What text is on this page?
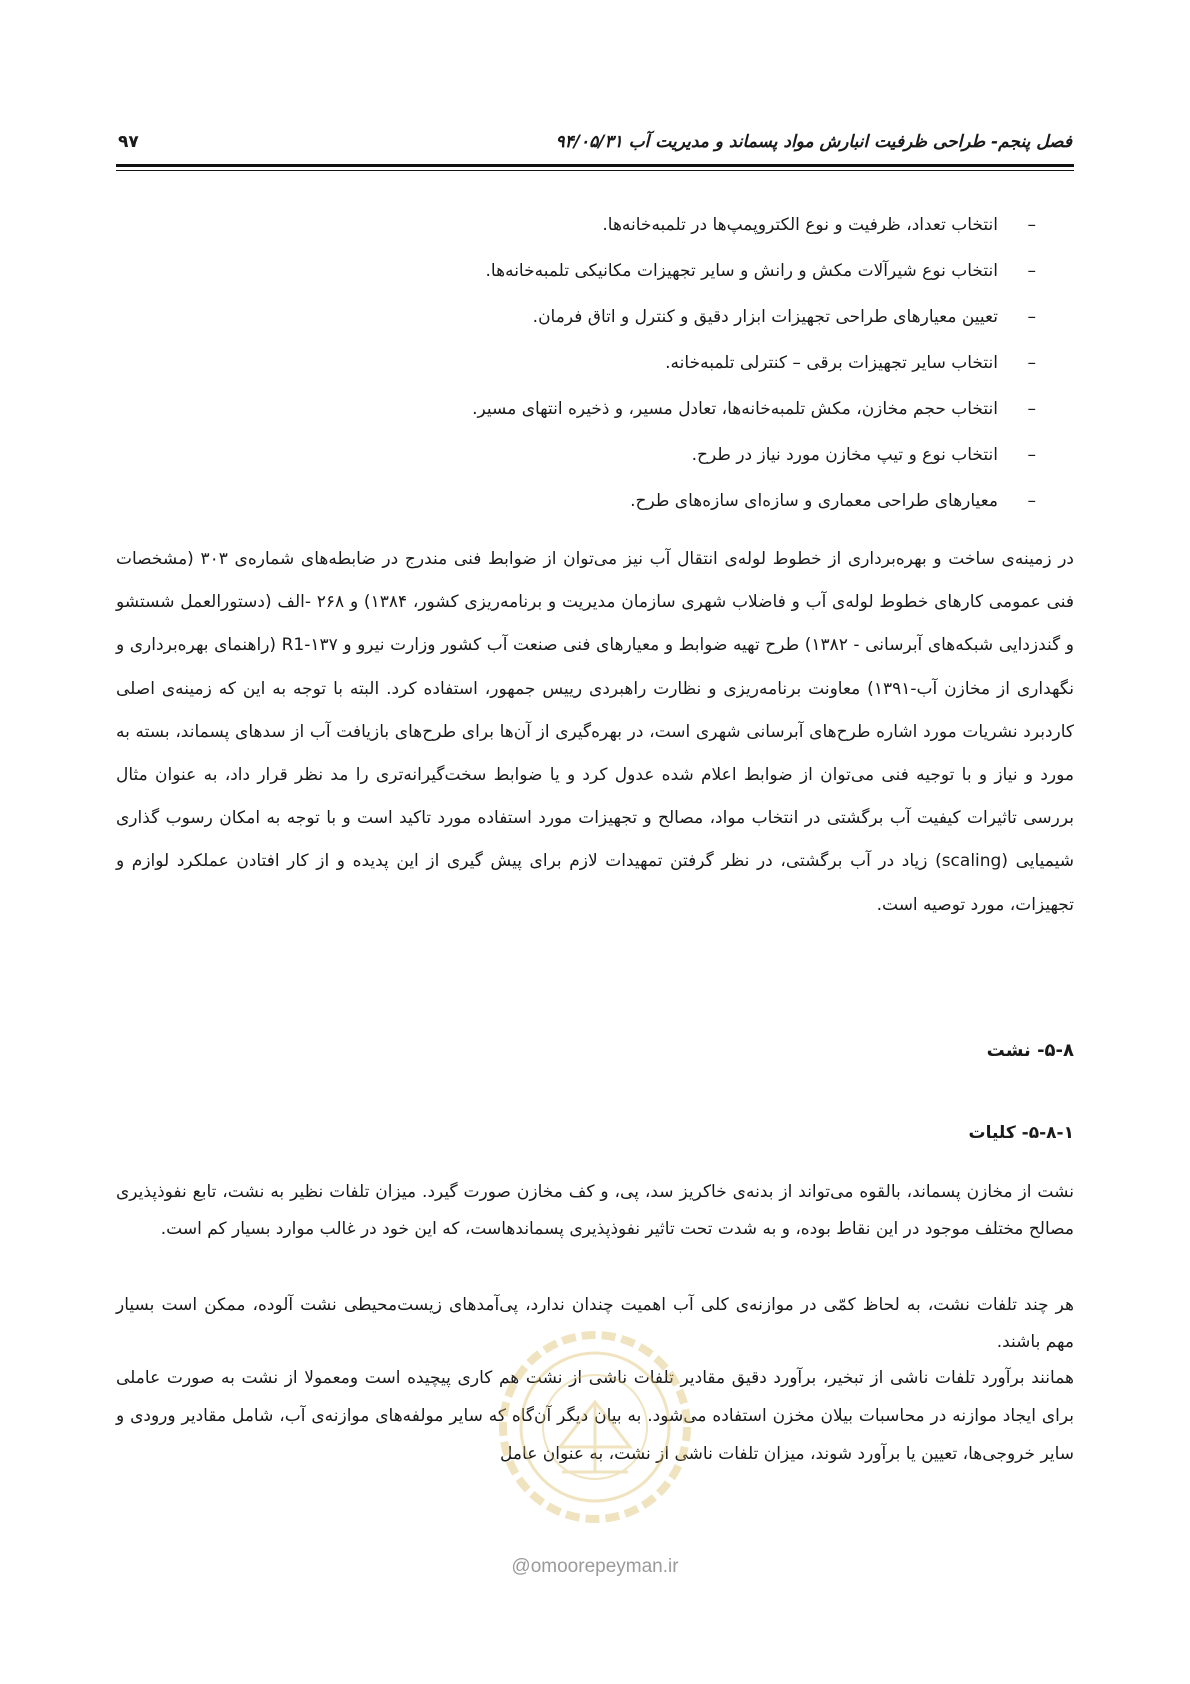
فصل پنجم- طراحی ظرفیت انبارش مواد پسماند و مدیریت آب ۹۴/۰۵/۳۱
۹۷
–انتخاب تعداد، ظرفیت و نوع الکتروپمپ‌ها در تلمبه‌خانه‌ها.
–انتخاب نوع شیرآلات مکش و رانش و سایر تجهیزات مکانیکی تلمبه‌خانه‌ها.
–تعیین معیارهای طراحی تجهیزات ابزار دقیق و کنترل و اتاق فرمان.
–انتخاب سایر تجهیزات برقی – کنترلی تلمبه‌خانه.
–انتخاب حجم مخازن، مکش تلمبه‌خانه‌ها، تعادل مسیر، و ذخیره انتهای مسیر.
–انتخاب نوع و تیپ مخازن مورد نیاز در طرح.
–معیارهای طراحی معماری و سازه‌ای سازه‌های طرح.

در زمینه‌ی ساخت و بهره‌برداری از خطوط لوله‌ی انتقال آب نیز می‌توان از ضوابط فنی مندرج در ضابطه‌های شماره‌ی ۳۰۳ (مشخصات فنی عمومی کارهای خطوط لوله‌ی آب و فاضلاب شهری سازمان مدیریت و برنامه‌ریزی کشور، ۱۳۸۴) و ۲۶۸ -الف (دستورالعمل شستشو و گندزدایی شبکه‌های آبرسانی - ۱۳۸۲) طرح تهیه ضوابط و معیارهای فنی صنعت آب کشور وزارت نیرو و ۱۳۷-R1 (راهنمای بهره‌برداری و نگهداری از مخازن آب-۱۳۹۱) معاونت برنامه‌ریزی و نظارت راهبردی رییس جمهور، استفاده کرد. البته با توجه به این که زمینه‌ی اصلی کاردبرد نشریات مورد اشاره طرح‌های آبرسانی شهری است، در بهره‌گیری از آن‌ها برای طرح‌های بازیافت آب از سدهای پسماند، بسته به مورد و نیاز و با توجیه فنی می‌توان از ضوابط اعلام شده عدول کرد و یا ضوابط سخت‌گیرانه‌تری را مد نظر قرار داد، به عنوان مثال بررسی تاثیرات کیفیت آب برگشتی در انتخاب مواد، مصالح و تجهیزات مورد استفاده مورد تاکید است و با توجه به امکان رسوب گذاری شیمیایی (scaling) زیاد در آب برگشتی، در نظر گرفتن تمهیدات لازم برای پیش گیری از این پدیده و از کار افتادن عملکرد لوازم و تجهیزات، مورد توصیه است.

۵-۸- نشت
۵-۸-۱- کلیات

نشت از مخازن پسماند، بالقوه می‌تواند از بدنه‌ی خاکریز سد، پی، و کف مخازن صورت گیرد. میزان تلفات نظیر به نشت، تابع نفوذپذیری مصالح مختلف موجود در این نقاط بوده، و به شدت تحت تاثیر نفوذپذیری پسماندهاست، که این خود در غالب موارد بسیار کم است.

هر چند تلفات نشت، به لحاظ کمّی در موازنه‌ی کلی آب اهمیت چندان ندارد، پی‌آمدهای زیست‌محیطی نشت آلوده، ممکن است بسیار مهم باشند.

همانند برآورد تلفات ناشی از تبخیر، برآورد دقیق مقادیر تلفات ناشی از نشت هم کاری پیچیده است ومعمولا از نشت به صورت عاملی برای ایجاد موازنه در محاسبات بیلان مخزن استفاده می‌شود. به بیان دیگر آن‌گاه که سایر مولفه‌های موازنه‌ی آب، شامل مقادیر ورودی و سایر خروجی‌ها، تعیین یا برآورد شوند، میزان تلفات ناشی از نشت، به عنوان عامل

@omoorepeyman.ir
